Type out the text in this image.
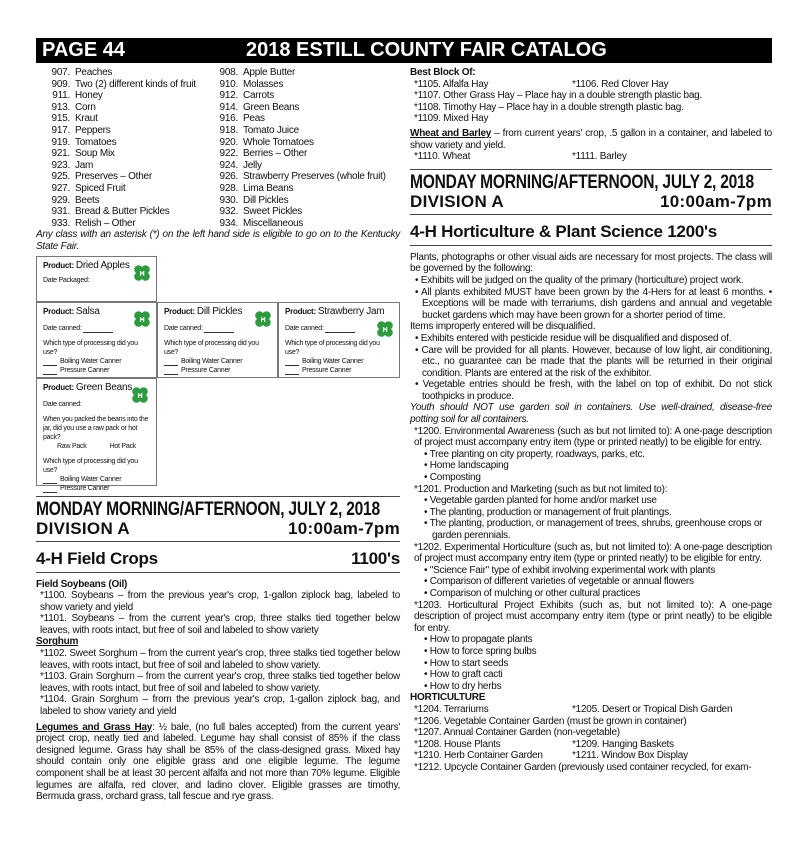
PAGE 44	2018 ESTILL COUNTY FAIR CATALOG
907. Peaches	908. Apple Butter
909. Two (2) different kinds of fruit	910. Molasses
911. Honey	912. Carrots
913. Corn	914. Green Beans
915. Kraut	916. Peas
917. Peppers	918. Tomato Juice
919. Tomatoes	920. Whole Tomatoes
921. Soup Mix	922. Berries – Other
923. Jam	924. Jelly
925. Preserves – Other	926. Strawberry Preserves (whole fruit)
927. Spiced Fruit	928. Lima Beans
929. Beets	930. Dill Pickles
931. Bread & Butter Pickles	932. Sweet Pickles
933. Relish – Other	934. Miscellaneous
Any class with an asterisk (*) on the left hand side is eligible to go on to the Kentucky State Fair.
Product: Dried Apples
Date Packaged:
Product: Salsa
Date canned:
Which type of processing did you use?
Boiling Water Canner
Pressure Canner
Product: Dill Pickles
Date canned:
Which type of processing did you use?
Boiling Water Canner
Pressure Canner
Product: Strawberry Jam
Date canned:
Which type of processing did you use?
Boiling Water Canner
Pressure Canner
Product: Green Beans
Date canned:
When you packed the beans into the jar, did you use a raw pack or hot pack?
Raw Pack	Hot Pack
Which type of processing did you use?
Boiling Water Canner
Pressure Canner
MONDAY MORNING/AFTERNOON, JULY 2, 2018
DIVISION A	10:00am-7pm
4-H Field Crops	1100's
Field Soybeans (Oil)
*1100. Soybeans – from the previous year's crop, 1-gallon ziplock bag, labeled to show variety and yield
*1101. Soybeans – from the current year's crop, three stalks tied together below leaves, with roots intact, but free of soil and labeled to show variety
Sorghum
*1102. Sweet Sorghum – from the current year's crop, three stalks tied together below leaves, with roots intact, but free of soil and labeled to show variety.
*1103. Grain Sorghum – from the current year's crop, three stalks tied together below leaves, with roots intact, but free of soil and labeled to show variety.
*1104. Grain Sorghum – from the previous year's crop, 1-gallon ziplock bag, and labeled to show variety and yield
Legumes and Grass Hay: ½ bale, (no full bales accepted) from the current years' project crop, neatly tied and labeled. Legume hay shall consist of 85% if the class designed legume. Grass hay shall be 85% of the class-designed grass. Mixed hay should contain only one eligible grass and one eligible legume. The legume component shall be at least 30 percent alfalfa and not more than 70% legume. Eligible legumes are alfalfa, red clover, and ladino clover. Eligible grasses are timothy, Bermuda grass, orchard grass, tall fescue and rye grass.
Best Block Of:
*1105. Alfalfa Hay	*1106. Red Clover Hay
*1107. Other Grass Hay – Place hay in a double strength plastic bag.
*1108. Timothy Hay – Place hay in a double strength plastic bag.
*1109. Mixed Hay
Wheat and Barley – from current years' crop, .5 gallon in a container, and labeled to show variety and yield.
*1110. Wheat	*1111. Barley
MONDAY MORNING/AFTERNOON, JULY 2, 2018
DIVISION A	10:00am-7pm
4-H Horticulture & Plant Science 1200's
Plants, photographs or other visual aids are necessary for most projects. The class will be governed by the following:
• Exhibits will be judged on the quality of the primary (horticulture) project work.
• All plants exhibited MUST have been grown by the 4-Hers for at least 6 months. • Exceptions will be made with terrariums, dish gardens and annual and vegetable bucket gardens which may have been grown for a shorter period of time.
Items improperly entered will be disqualified.
• Exhibits entered with pesticide residue will be disqualified and disposed of.
• Care will be provided for all plants. However, because of low light, air conditioning, etc., no guarantee can be made that the plants will be returned in their original condition. Plants are entered at the risk of the exhibitor.
• Vegetable entries should be fresh, with the label on top of exhibit. Do not stick toothpicks in produce.
Youth should NOT use garden soil in containers. Use well-drained, disease-free potting soil for all containers.
*1200. Environmental Awareness (such as but not limited to): A one-page description of project must accompany entry item (type or printed neatly) to be eligible for entry.
• Tree planting on city property, roadways, parks, etc.
• Home landscaping
• Composting
*1201. Production and Marketing (such as but not limited to):
• Vegetable garden planted for home and/or market use
• The planting, production or management of fruit plantings.
• The planting, production, or management of trees, shrubs, greenhouse crops or garden perennials.
*1202. Experimental Horticulture (such as, but not limited to): A one-page description of project must accompany entry item (type or printed neatly) to be eligible for entry.
• "Science Fair" type of exhibit involving experimental work with plants
• Comparison of different varieties of vegetable or annual flowers
• Comparison of mulching or other cultural practices
*1203. Horticultural Project Exhibits (such as, but not limited to): A one-page description of project must accompany entry item (type or print neatly) to be eligible for entry.
• How to propagate plants
• How to force spring bulbs
• How to start seeds
• How to graft cacti
• How to dry herbs
HORTICULTURE
*1204. Terrariums	*1205. Desert or Tropical Dish Garden
*1206. Vegetable Container Garden (must be grown in container)
*1207. Annual Container Garden (non-vegetable)
*1208. House Plants	*1209. Hanging Baskets
*1210. Herb Container Garden	*1211. Window Box Display
*1212. Upcycle Container Garden (previously used container recycled, for exam-
